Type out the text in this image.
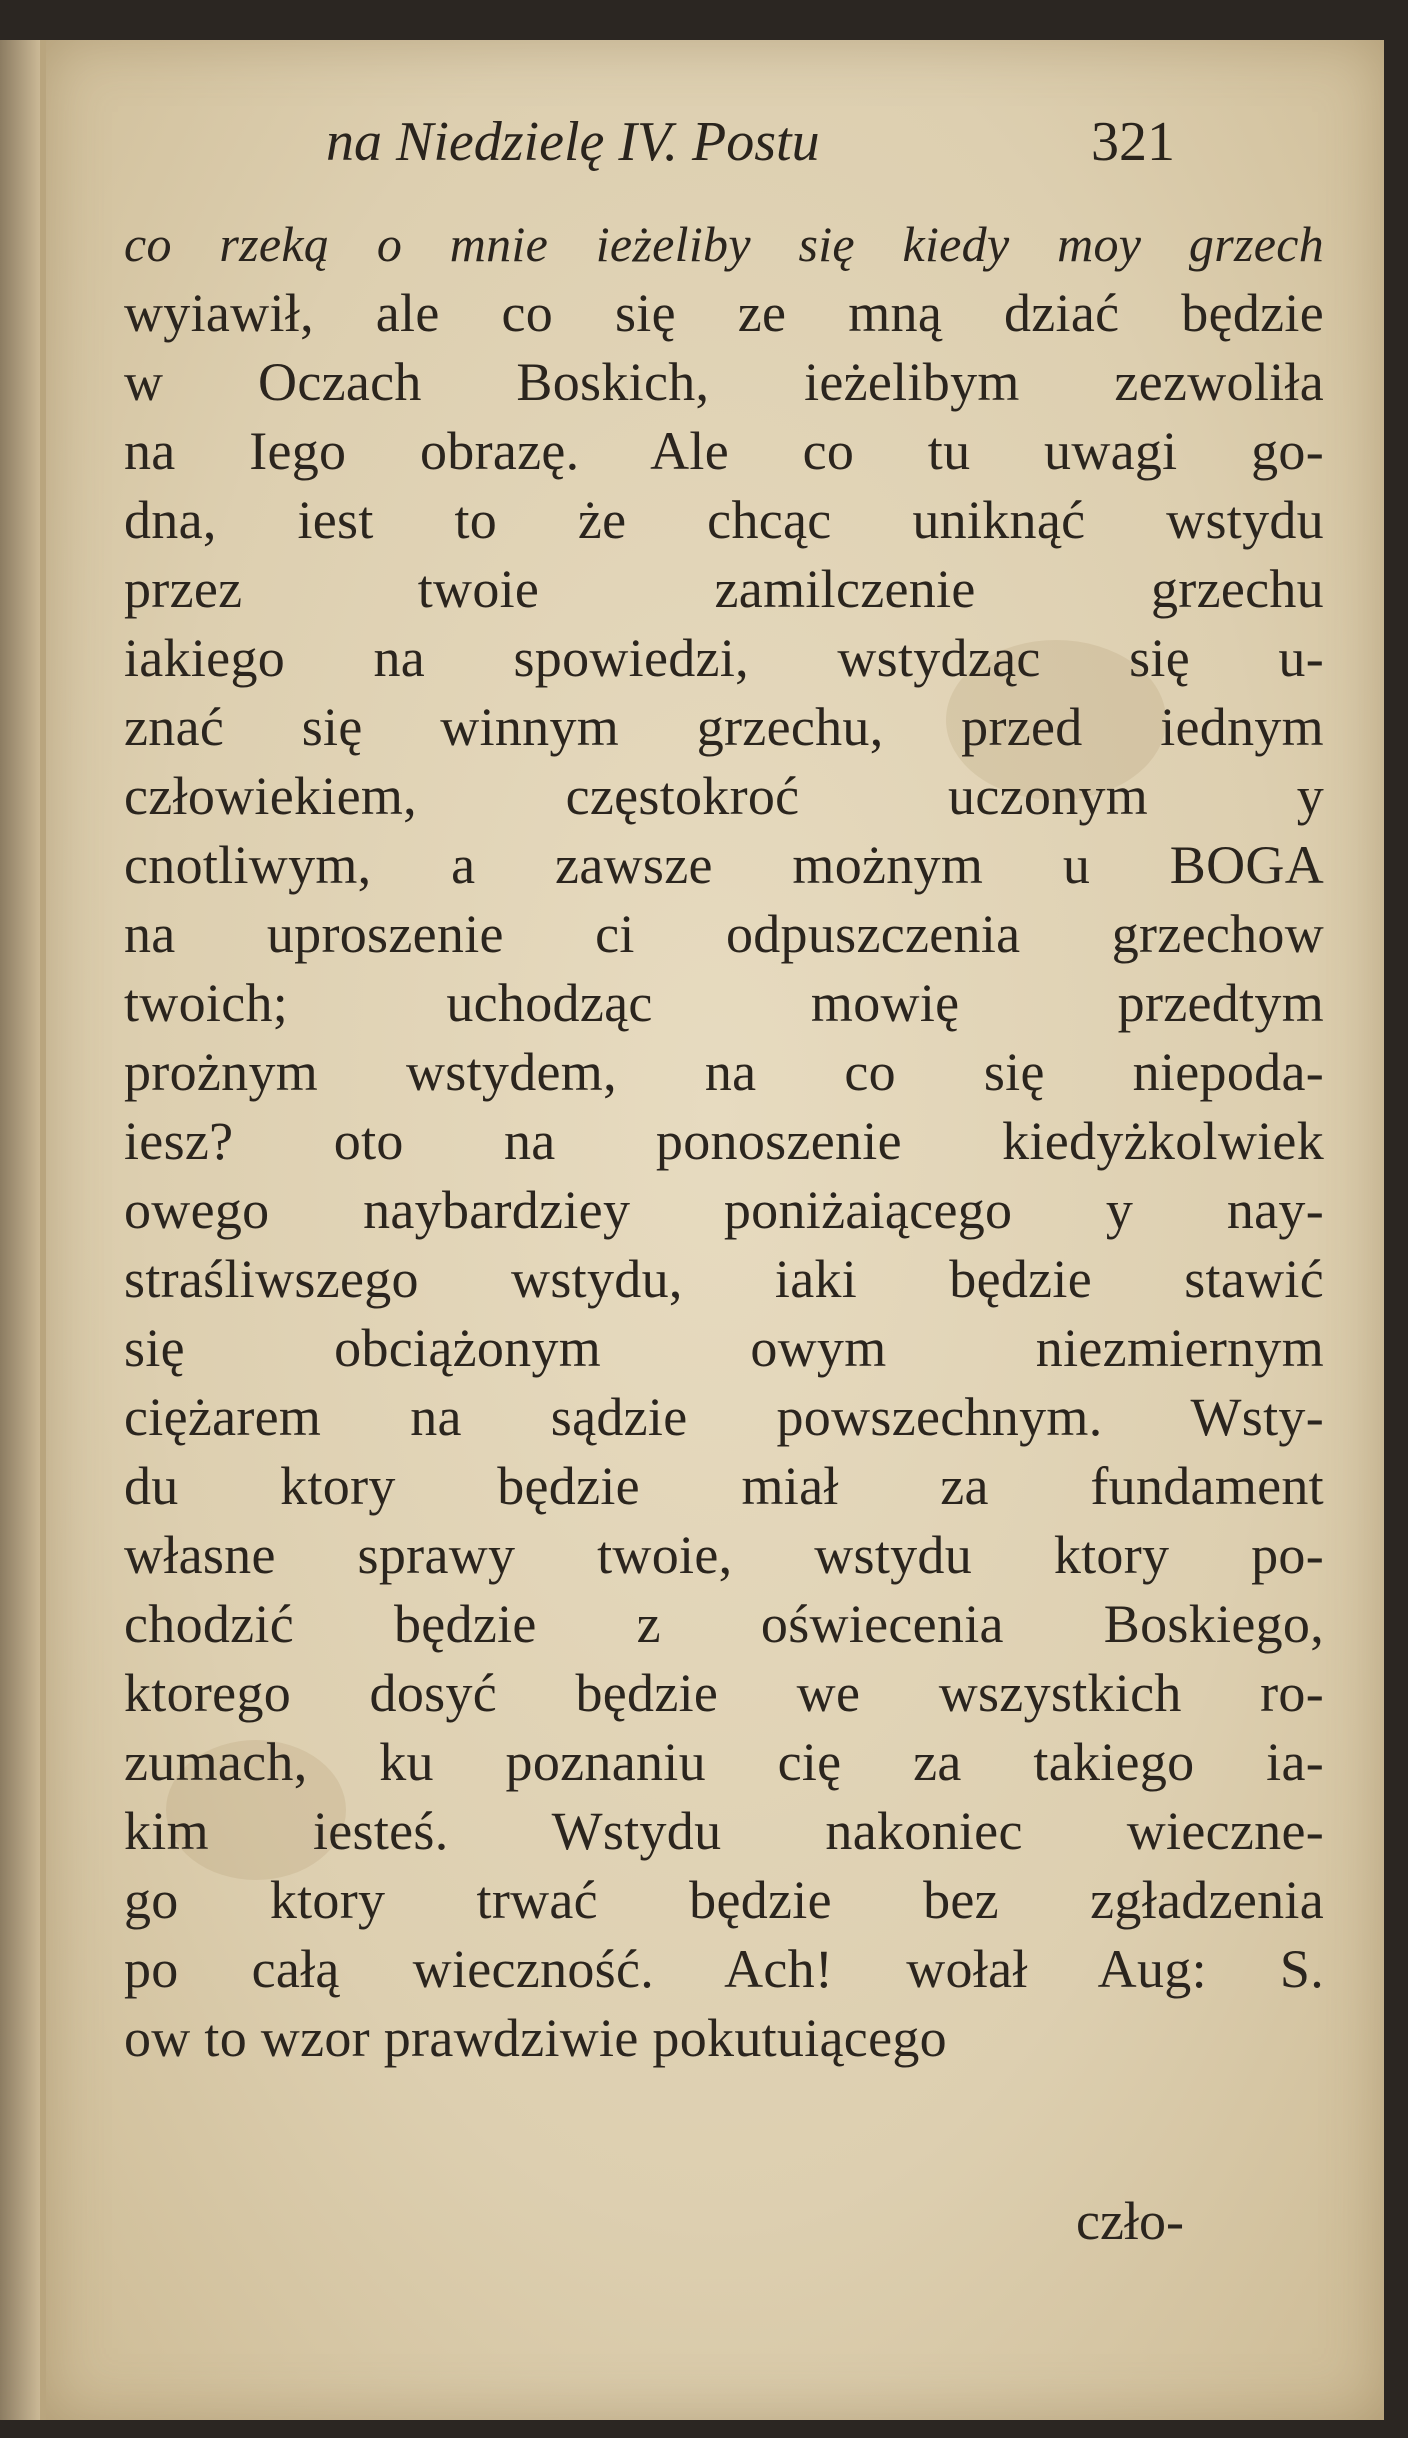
na Niedzielę IV. Postu	321
co rzeką o mnie ieżeliby się kiedy moy grzech
wyiawił, ale co się ze mną dziać będzie
w Oczach Boskich, ieżelibym zezwoliła
na Iego obrazę. Ale co tu uwagi go-
dna, iest to że chcąc uniknąć wstydu
przez twoie zamilczenie grzechu
iakiego na spowiedzi, wstydząc się u-
znać się winnym grzechu, przed iednym
człowiekiem, częstokroć uczonym y
cnotliwym, a zawsze możnym u BOGA
na uproszenie ci odpuszczenia grzechow
twoich; uchodząc mowię przedtym
prożnym wstydem, na co się niepoda-
iesz? oto na ponoszenie kiedyżkolwiek
owego naybardziey poniżaiącego y nay-
straśliwszego wstydu, iaki będzie stawić
się obciążonym owym niezmiernym
ciężarem na sądzie powszechnym. Wsty-
du ktory będzie miał za fundament
własne sprawy twoie, wstydu ktory po-
chodzić będzie z oświecenia Boskiego,
ktorego dosyć będzie we wszystkich ro-
zumach, ku poznaniu cię za takiego ia-
kim iesteś. Wstydu nakoniec wieczne-
go ktory trwać będzie bez zgładzenia
po całą wieczność. Ach! wołał Aug: S.
ow to wzor prawdziwie pokutuiącego
czło-
